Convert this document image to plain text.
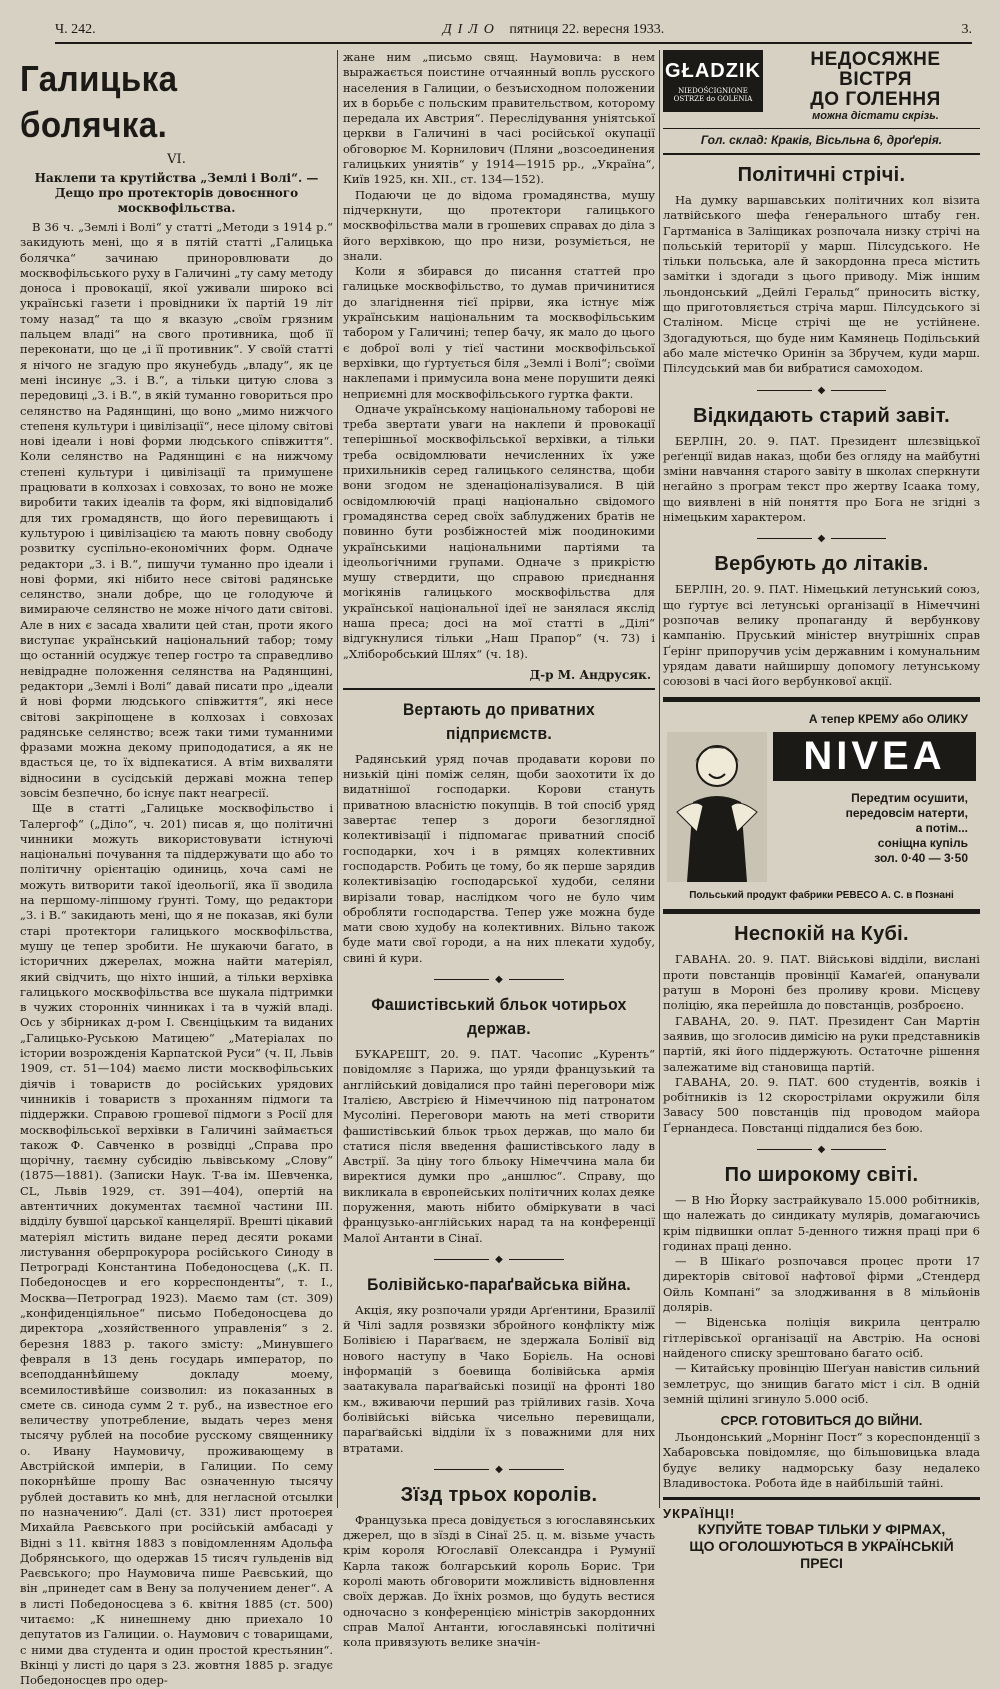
Ч. 242.	ДІЛО пятниця 22. вересня 1933.	3.
Галицька болячка.
VI.
Наклепи та крутійства „Землі і Волі“. — Дещо про протекторів довоєнного москвофільства.

В 36 ч. „Землі і Волі“ у статті „Методи з 1914 р.“ закидують мені, що я в пятій статті „Галицька болячка“ зачинаю приноровлювати до москвофільського руху в Галичині „ту саму методу доноса і провокації, якої уживали широко всі українські газети і провідники їх партій 19 літ тому назад“ та що я вказую „своїм грязним пальцем владі“ на свого противника, щоб її переконати, що це „і її противник“. У своїй статті я нічого не згадую про якунебудь „владу“, як це мені інсинує „З. і В.“, а тільки цитую слова з передовиці „З. і В.“, в якій туманно говориться про селянство на Радянщині, що воно „мимо нижчого степеня культури і цивілізації“, несе цілому світові нові ідеали і нові форми людського співжиття“. Коли селянство на Радянщині є на нижчому степені культури і цивілізації та примушене працювати в колхозах і совхозах, то воно не може виробити таких ідеалів та форм, які відповідалиб для тих громадянств, що його перевищають і культурою і цивілізацією та мають повну свободу розвитку суспільно-економічних форм. Одначе редактори „З. і В.“, пишучи туманно про ідеали і нові форми, які нібито несе світові радянське селянство, знали добре, що це голодуюче й вимираюче селянство не може нічого дати світові. Але в них є засада хвалити цей стан, проти якого виступає український національний табор; тому що останній осуджує тепер гостро та справедливо невідрадне положення селянства на Радянщині, редактори „Землі і Волі“ давай писати про „ідеали й нові форми людського співжиття“, які несе світові закріпощене в колхозах і совхозах радянське селянство; всеж таки тими туманними фразами можна декому припододатися, а як не вдасться це, то їх відпекатися. А втім вихваляти відносини в сусідській державі можна тепер зовсім безпечно, бо існує пакт неагресії.

Ще в статті „Галицьке москвофільство і Талергоф“ („Діло“, ч. 201) писав я, що політичні чинники можуть використовувати істнуючі національні почування та піддержувати що або то політичну орієнтацію одиниць, хоча самі не можуть витворити такої ідеольогії, яка її зводила на першому-ліпшому ґрунті. Тому, що редактори „З. і В.“ закидають мені, що я не показав, які були старі протектори галицького москвофільства, мушу це тепер зробити. Не шукаючи багато, в історичних джерелах, можна найти матеріял, який свідчить, що ніхто інший, а тільки верхівка галицького москвофільства все шукала підтримки в чужих сторонніх чинниках і та в чужій владі. Ось у збірниках д-ром І. Свєнціцьким та виданих „Галицько-Руською Матицею“ „Матеріалах по істории возрожденія Карпатской Руси“ (ч. II, Львів 1909, ст. 51—104) маємо листи москвофільських діячів і товариств до російських урядових чинників і товариств з проханням підмоги та піддержки. Справою грошевої підмоги з Росії для москвофільської верхівки в Галичині займається також Ф. Савченко в розвідці „Справа про щорічну, таємну субсидію львівському „Слову“ (1875—1881). (Записки Наук. Т-ва ім. Шевченка, CL, Львів 1929, ст. 391—404), опертій на автентичних документах таємної частини III. відділу бувшої царської канцелярії. Врешті цікавий матеріял містить видане перед десяти роками листування оберпрокурора російського Синоду в Петрограді Константина Победоносцева („К. П. Победоносцев и его корреспонденты“, т. I., Москва—Петроград 1923). Маємо там (ст. 309) „конфиденціяльное“ письмо Победоносцева до директора „хозяйственного управленія“ з 2. березня 1883 р. такого змісту: „Минувшего февраля в 13 день государь император, по всеподданнѣйшему докладу моему, всемилостивѣйше соизволил: из показанных в смете св. синода сумм 2 т. руб., на известное его величеству употребление, выдать через меня тысячу рублей на пособие русскому священнику о. Ивану Наумовичу, проживающему в Австрійской имперіи, в Галиции. По сему покорнѣйше прошу Вас означенную тысячу рублей доставить ко мнѣ, для негласной отсылки по назначению“. Далі (ст. 331) лист протоєрея Михайла Раєвського при російській амбасаді у Відні з 11. квітня 1883 з повідомленням Адольфа Добрянського, що одержав 15 тисяч гульденів від Раєвського; про Наумовича пише Раєвський, що він „принедет сам в Вену за получением денег“. А в листі Победоносцева з 6. квітня 1885 (ст. 500) читаємо: „К нинешнему дню приехало 10 депутатов из Галиции. о. Наумович с товарищами, с ними два студента и один простой крестьянин“. Вкінці у листі до царя з 23. жовтня 1885 р. згадує Победоносцев про одер-

жане ним „письмо свящ. Наумовича: в нем выражається поистине отчаянный вопль русского населения в Галиции, о безъисходном положении их в борьбе с польским правительством, которому передала их Австрия“. Переслідування уніятської церкви в Галичині в часі російської окупації обговорює М. Корнилович (Пляни „возсоединения галицьких униятів“ у 1914—1915 рр., „Україна“, Київ 1925, кн. XII., ст. 134—152).

Подаючи це до відома громадянства, мушу підчеркнути, що протектори галицького москвофільства мали в грошевих справах до діла з його верхівкою, що про низи, розуміється, не знали.

Коли я збирався до писання статтей про галицьке москвофільство, то думав причинитися до злагіднення тієї прірви, яка істнує між українським національним та москвофільським табором у Галичині; тепер бачу, як мало до цього є доброї волі у тієї частини москвофільської верхівки, що ґуртується біля „Землі і Волі“; своїми наклепами і примусила вона мене порушити деякі неприємні для москвофільського гуртка факти.

Одначе українському національному таборові не треба звертати уваги на наклепи й провокації теперішньої москвофільської верхівки, а тільки треба освідомлювати нечисленних їх уже прихильників серед галицького селянства, щоби вони згодом не зденаціоналізувалися. В цій освідомлюючій праці національно свідомого громадянства серед своїх заблуджених братів не повинно бути розбіжностей між поодинокими українськими національними партіями та ідеольогічними групами. Одначе з прикрістю мушу ствердити, що справою приєднання могікянів галицького москвофільства для української національної ідеї не занялася якслід наша преса; досі на мої статті в „Ділі“ відгукнулися тільки „Наш Прапор“ (ч. 73) і „Хліборобський Шлях“ (ч. 18).

Д-р М. Андрусяк.
Вертають до приватних підприємств.

Радянський уряд почав продавати корови по низькій ціні поміж селян, щоби заохотити їх до видатнішої господарки. Корови стануть приватною власністю покупців. В той спосіб уряд завертає тепер з дороги безоглядної колективізації і підпомагає приватний спосіб господарки, хоч і в рямцях колективних господарств. Робить це тому, бо як перше зарядив колективізацію господарської худоби, селяни вирізали товар, наслідком чого не було чим обробляти господарства. Тепер уже можна буде мати свою худобу на колективних. Вільно також буде мати свої городи, а на них плекати худобу, свині й кури.

◆
Фашистівський бльок чотирьох держав.

БУКАРЕШТ, 20. 9. ПАТ. Часопис „Куренть“ повідомляє з Парижа, що уряди французький та англійський довідалися про тайні переговори між Італією, Австрією й Німеччиною під патронатом Мусоліні. Переговори мають на меті створити фашистівський бльок трьох держав, що мало би статися після введення фашистівського ладу в Австрії. За ціну того бльоку Німеччина мала би виректися думки про „аншлюс“. Справу, що викликала в європейських політичних колах деяке поруження, мають нібито обміркувати в часі французько-англійських нарад та на конференції Малої Антанти в Сінаї.

◆
Болівійсько-параґвайська війна.

Акція, яку розпочали уряди Арґентини, Бразилії й Чілі задля розвязки збройного конфлікту між Болівією і Параґваєм, не здержала Болівії від нового наступу в Чако Борієль. На основі інформацій з боевища болівійська армія заатакувала параґвайські позиції на фронті 180 км., вживаючи перший раз трійливих газів. Хоча болівійські війська чисельно перевищали, параґвайські відділи їх з поважними для них втратами.

◆
Зїзд трьох королів.

Французька преса довідується з югославянських джерел, що в зїзді в Сінаї 25. ц. м. візьме участь крім короля Югославії Олександра і Румунії Карла також болгарський король Борис. Три королі мають обговорити можливість відновлення своїх держав. До їхніх розмов, що будуть вестися одночасно з конференцією міністрів закордонних справ Малої Антанти, югославянські політичні кола привязують велике значін-

GŁADZIK
NIEDOŚCIGNIONE OSTRZE do GOLENIA
НЕДОСЯЖНЕ
ВІСТРЯ
ДО ГОЛЕННЯ
можна дістати скрізь.
Гол. склад: Краків, Вісьльна 6, дроґерія.
Політичні стрічі.

На думку варшавських політичних кол візита латвійського шефа ґенерального штабу ген. Гартманіса в Заліщиках розпочала низку стрічі на польській території у марш. Пілсудського. Не тільки польська, але й закордонна преса містить замітки і здогади з цього приводу. Між іншим льондонський „Дейлі Геральд“ приносить вістку, що приготовляється стріча марш. Пілсудського зі Сталіном. Місце стрічі ще не устійнене. Здогадуються, що буде ним Камянець Подільський або мале містечко Оринін за Збручем, куди марш. Пілсудський мав би вибратися самоходом.

◆
Відкидають старий завіт.

БЕРЛІН, 20. 9. ПАТ. Президент шлєзвіцької реґенції видав наказ, щоби без огляду на майбутні зміни навчання старого завіту в школах сперкнути негайно з програм текст про жертву Ісаака тому, що виявлені в ній поняття про Бога не згідні з німецьким характером.

◆
Вербують до літаків.

БЕРЛІН, 20. 9. ПАТ. Німецький летунський союз, що ґуртує всі летунські організації в Німеччині розпочав велику пропаганду й вербункову кампанію. Пруський міністер внутрішніх справ Ґерінг припоручив усім державним і комунальним урядам давати найширшу допомогу летунському союзові в часі його вербункової акції.

А тепер КРЕМУ або ОЛИКУ
NIVEA
Передтим осушити,
передовсім натерти,
а потім...
соніщна купіль
зол. 0·40 — 3·50
Польський продукт фабрики PEBECO A. C. в Познані
Неспокій на Кубі.

ГАВАНА. 20. 9. ПАТ. Військові відділи, вислані проти повстанців провінції Камаґей, опанували ратуш в Мороні без проливу крови. Місцеву поліцію, яка перейшла до повстанців, розброєно.

ГАВАНА, 20. 9. ПАТ. Президент Сан Мартін заявив, що зголосив димісію на руки представників партій, які його піддержують. Остаточне рішення залежатиме від становища партій.

ГАВАНА, 20. 9. ПАТ. 600 студентів, вояків і робітників із 12 скорострілами окружили біля Завасу 500 повстанців під проводом майора Ґернандеса. Повстанці піддалися без бою.

◆
По широкому світі.

— В Ню Йорку застрайкувало 15.000 робітників, що належать до синдикату мулярів, домагаючись крім підвишки оплат 5-денного тижня праці при 6 годинах праці денно.

— В Шікаґо розпочався процес проти 17 директорів світової нафтової фірми „Стендерд Ойль Компані“ за злодживання в 8 мільйонів долярів.

— Віденська поліція викрила централю гітлерівської організації на Австрію. На основі найденого списку зрештовано багато осіб.

— Китайську провінцію Шеґуан навістив сильний землетрус, що знищив багато міст і сіл. В одній земній щілині згинуло 5.000 осіб.

СРСР. ГОТОВИТЬСЯ ДО ВІЙНИ.

Льондонський „Морнінг Пост“ з кореспонденції з Хабаровська повідомляє, що більшовицька влада будує велику надморську базу недалеко Владивостока. Робота йде в найбільшій тайні.

УКРАЇНЦІ!
КУПУЙТЕ ТОВАР ТІЛЬКИ У ФІРМАХ,
ЩО ОГОЛОШУЮТЬСЯ В УКРАЇНСЬКІЙ
ПРЕСІ
